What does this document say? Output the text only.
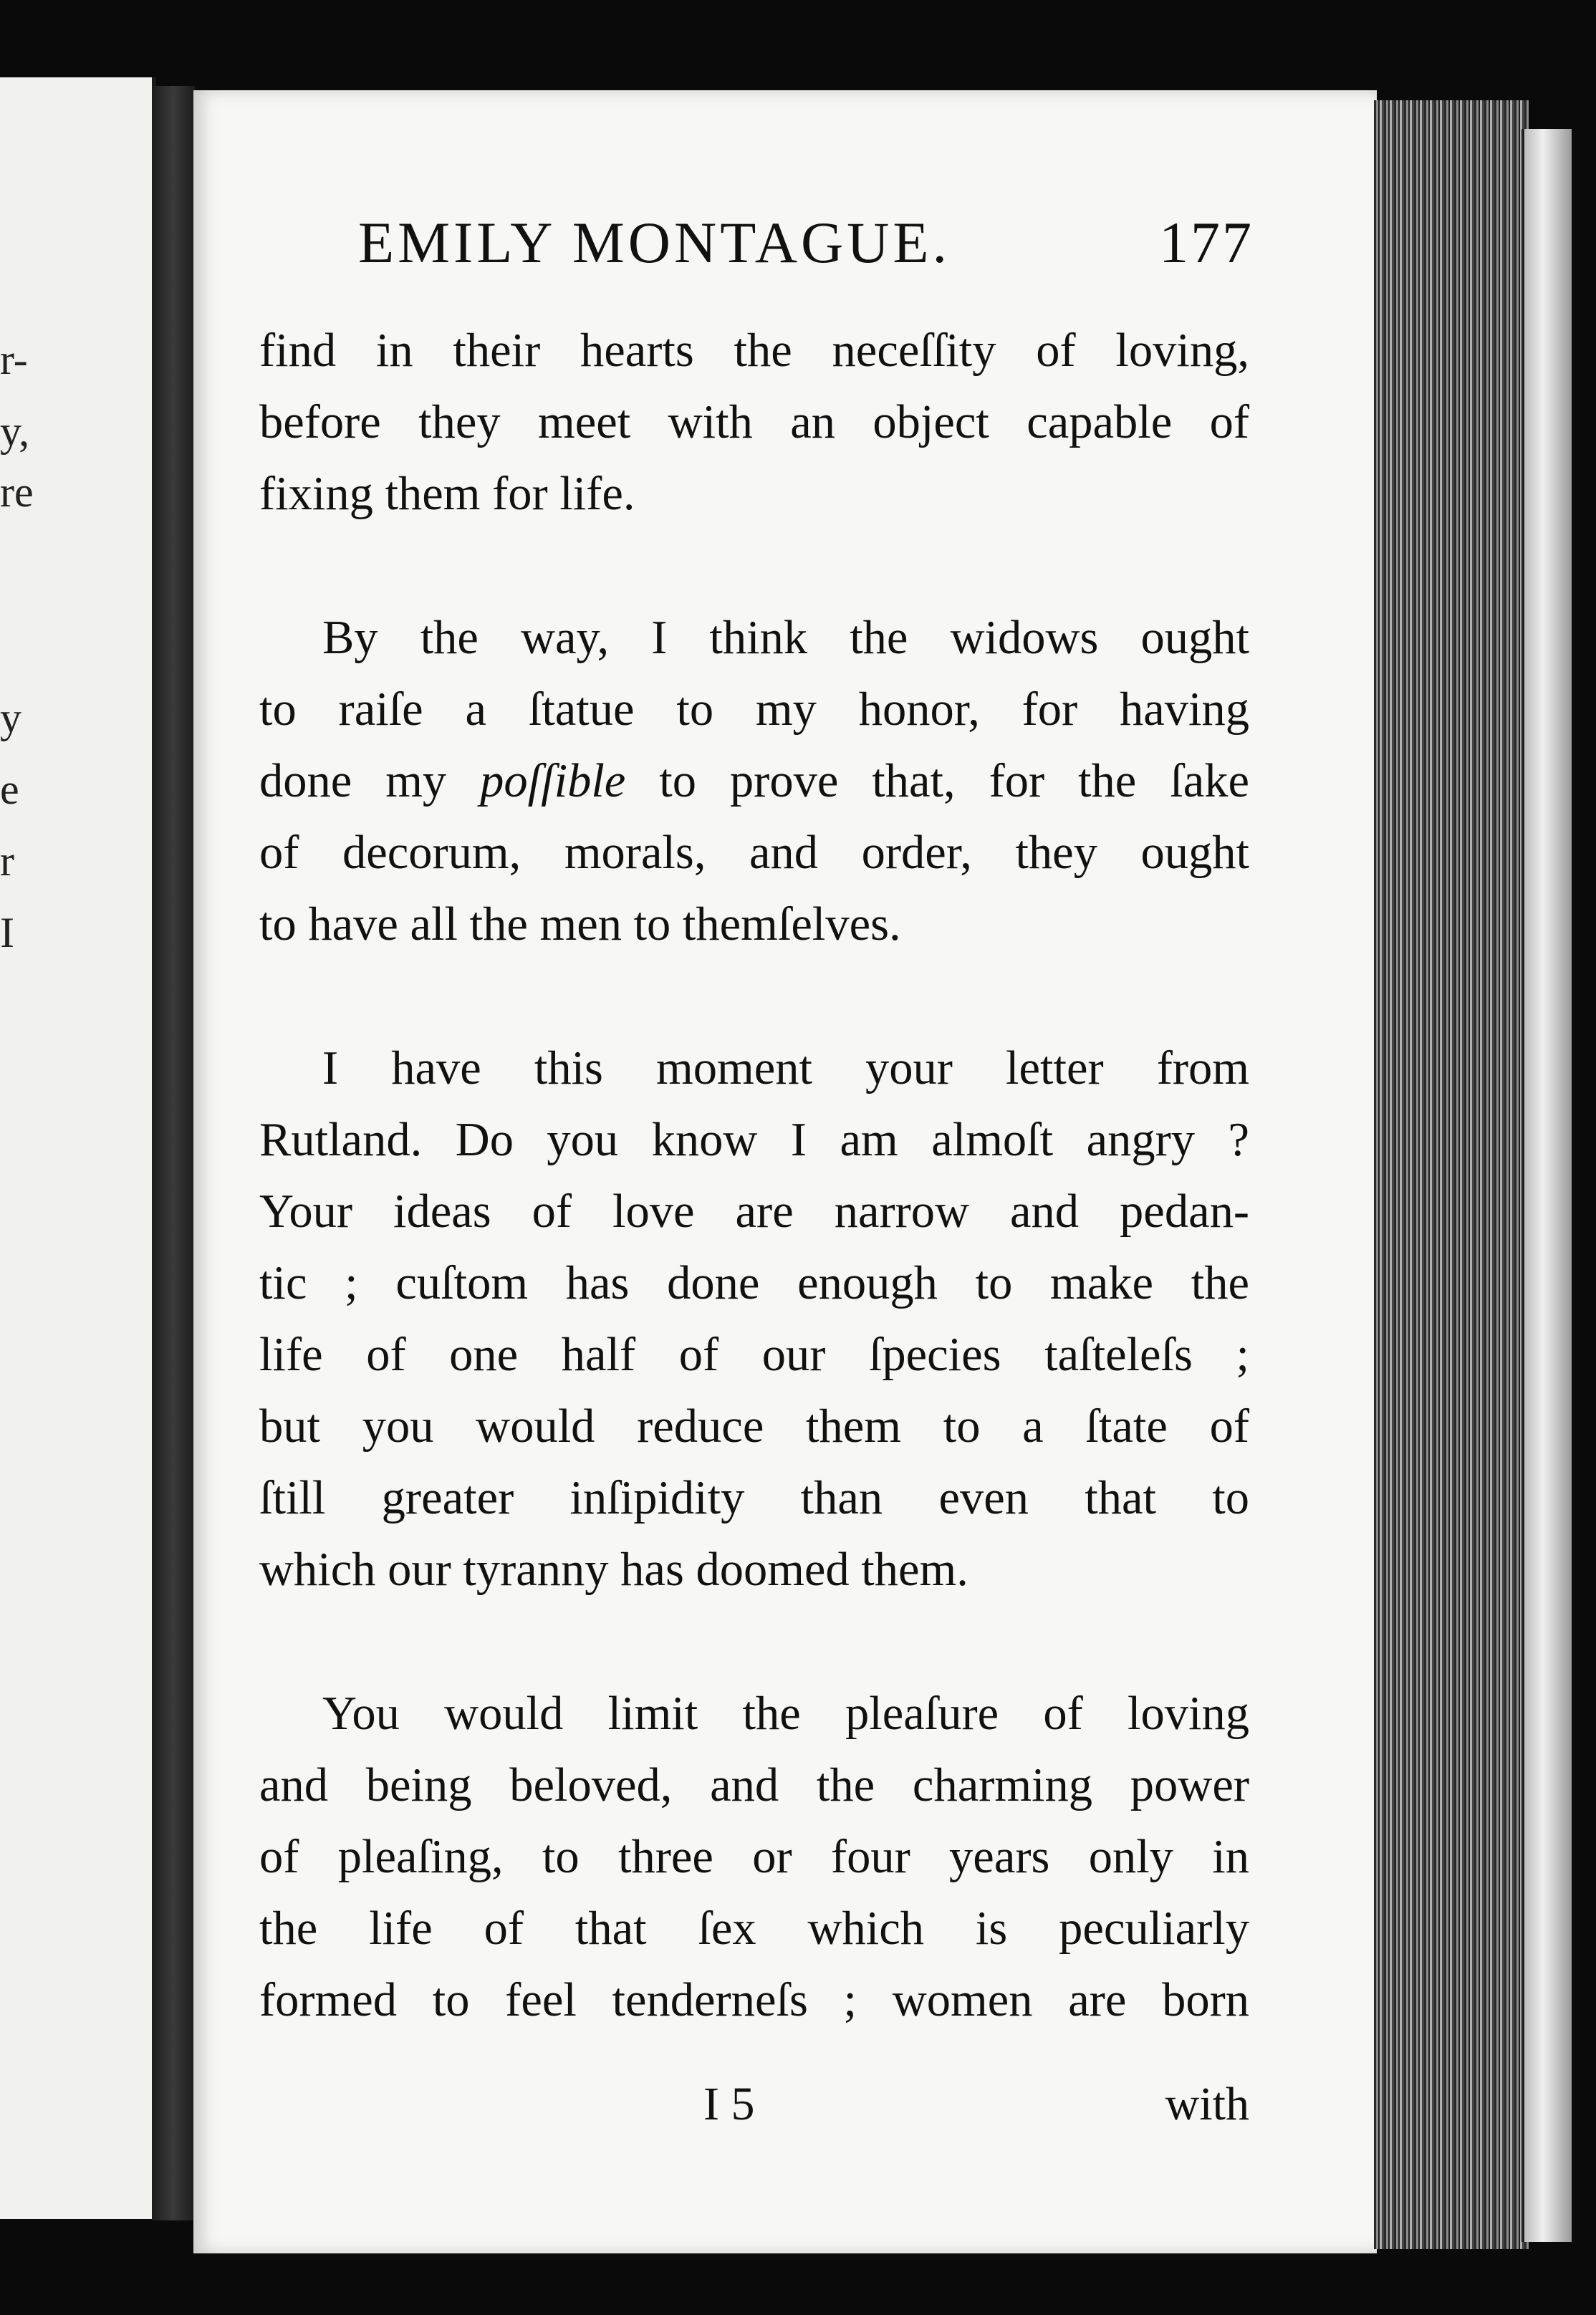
r-
y,
re
y
e
r
I
EMILY MONTAGUE.	177

find in their hearts the neceſſity of loving,
before they meet with an object capable of
fixing them for life.

By the way, I think the widows ought
to raiſe a ſtatue to my honor, for having
done my poſſible to prove that, for the ſake
of decorum, morals, and order, they ought
to have all the men to themſelves.

I have this moment your letter from
Rutland. Do you know I am almoſt angry ?
Your ideas of love are narrow and pedan-
tic ; cuſtom has done enough to make the
life of one half of our ſpecies taſteleſs ;
but you would reduce them to a ſtate of
ſtill greater inſipidity than even that to
which our tyranny has doomed them.

You would limit the pleaſure of loving
and being beloved, and the charming power
of pleaſing, to three or four years only in
the life of that ſex which is peculiarly
formed to feel tenderneſs ; women are born

I 5	with
